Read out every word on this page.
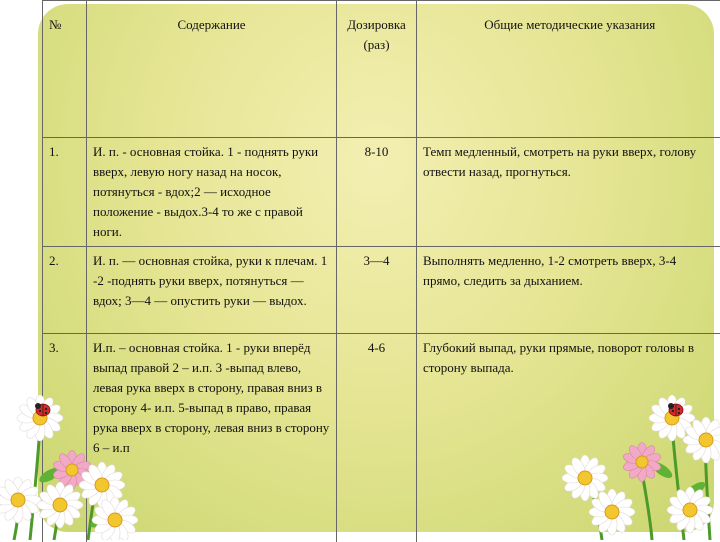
№	Содержание	Дозировка (раз)	Общие методические указания
1.	И. п. - основная стойка. 1 - поднять руки вверх, левую ногу назад на носок, потянуться - вдох;2 — исходное положение - выдох.3-4 то же с правой ноги.	8-10	Темп медленный, смотреть на руки вверх, голову отвести назад, прогнуться.
2.	И. п. — основная стойка, руки к плечам. 1 -2 -поднять руки вверх, потянуться — вдох; 3—4 — опустить руки — выдох.	3—4	Выполнять медленно, 1-2 смотреть вверх, 3-4 прямо, следить за дыханием.
3.	И.п. – основная стойка. 1 - руки вперёд выпад правой 2 – и.п. 3 -выпад влево, левая рука вверх в сторону, правая вниз в сторону 4- и.п. 5-выпад в право, правая рука вверх в сторону, левая вниз в сторону 6 – и.п	4-6	Глубокий выпад, руки прямые, поворот головы в сторону выпада.
